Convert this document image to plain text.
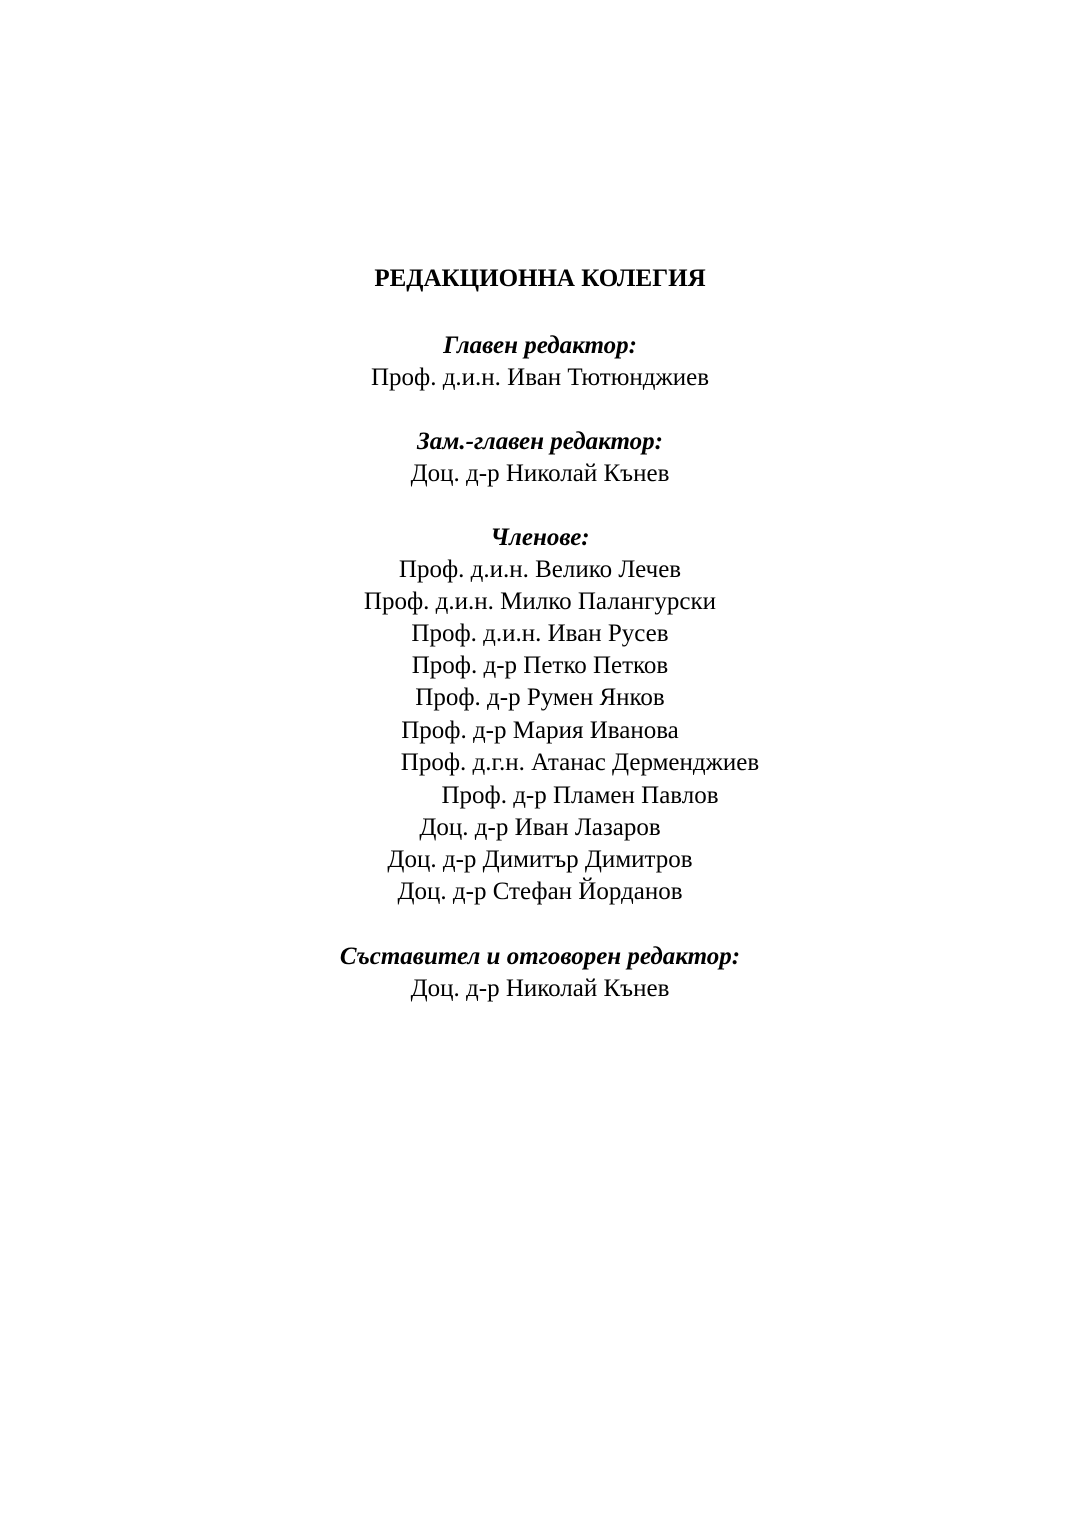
РЕДАКЦИОННА КОЛЕГИЯ
Главен редактор:
Проф. д.и.н. Иван Тютюнджиев
Зам.-главен редактор:
Доц. д-р Николай Кънев
Членове:
Проф. д.и.н. Велико Лечев
Проф. д.и.н. Милко Палангурски
Проф. д.и.н. Иван Русев
Проф. д-р Петко Петков
Проф. д-р Румен Янков
Проф. д-р Мария Иванова
Проф. д.г.н. Атанас Дерменджиев
Проф. д-р Пламен Павлов
Доц. д-р Иван Лазаров
Доц. д-р Димитър Димитров
Доц. д-р Стефан Йорданов
Съставител и отговорен редактор:
Доц. д-р Николай Кънев
